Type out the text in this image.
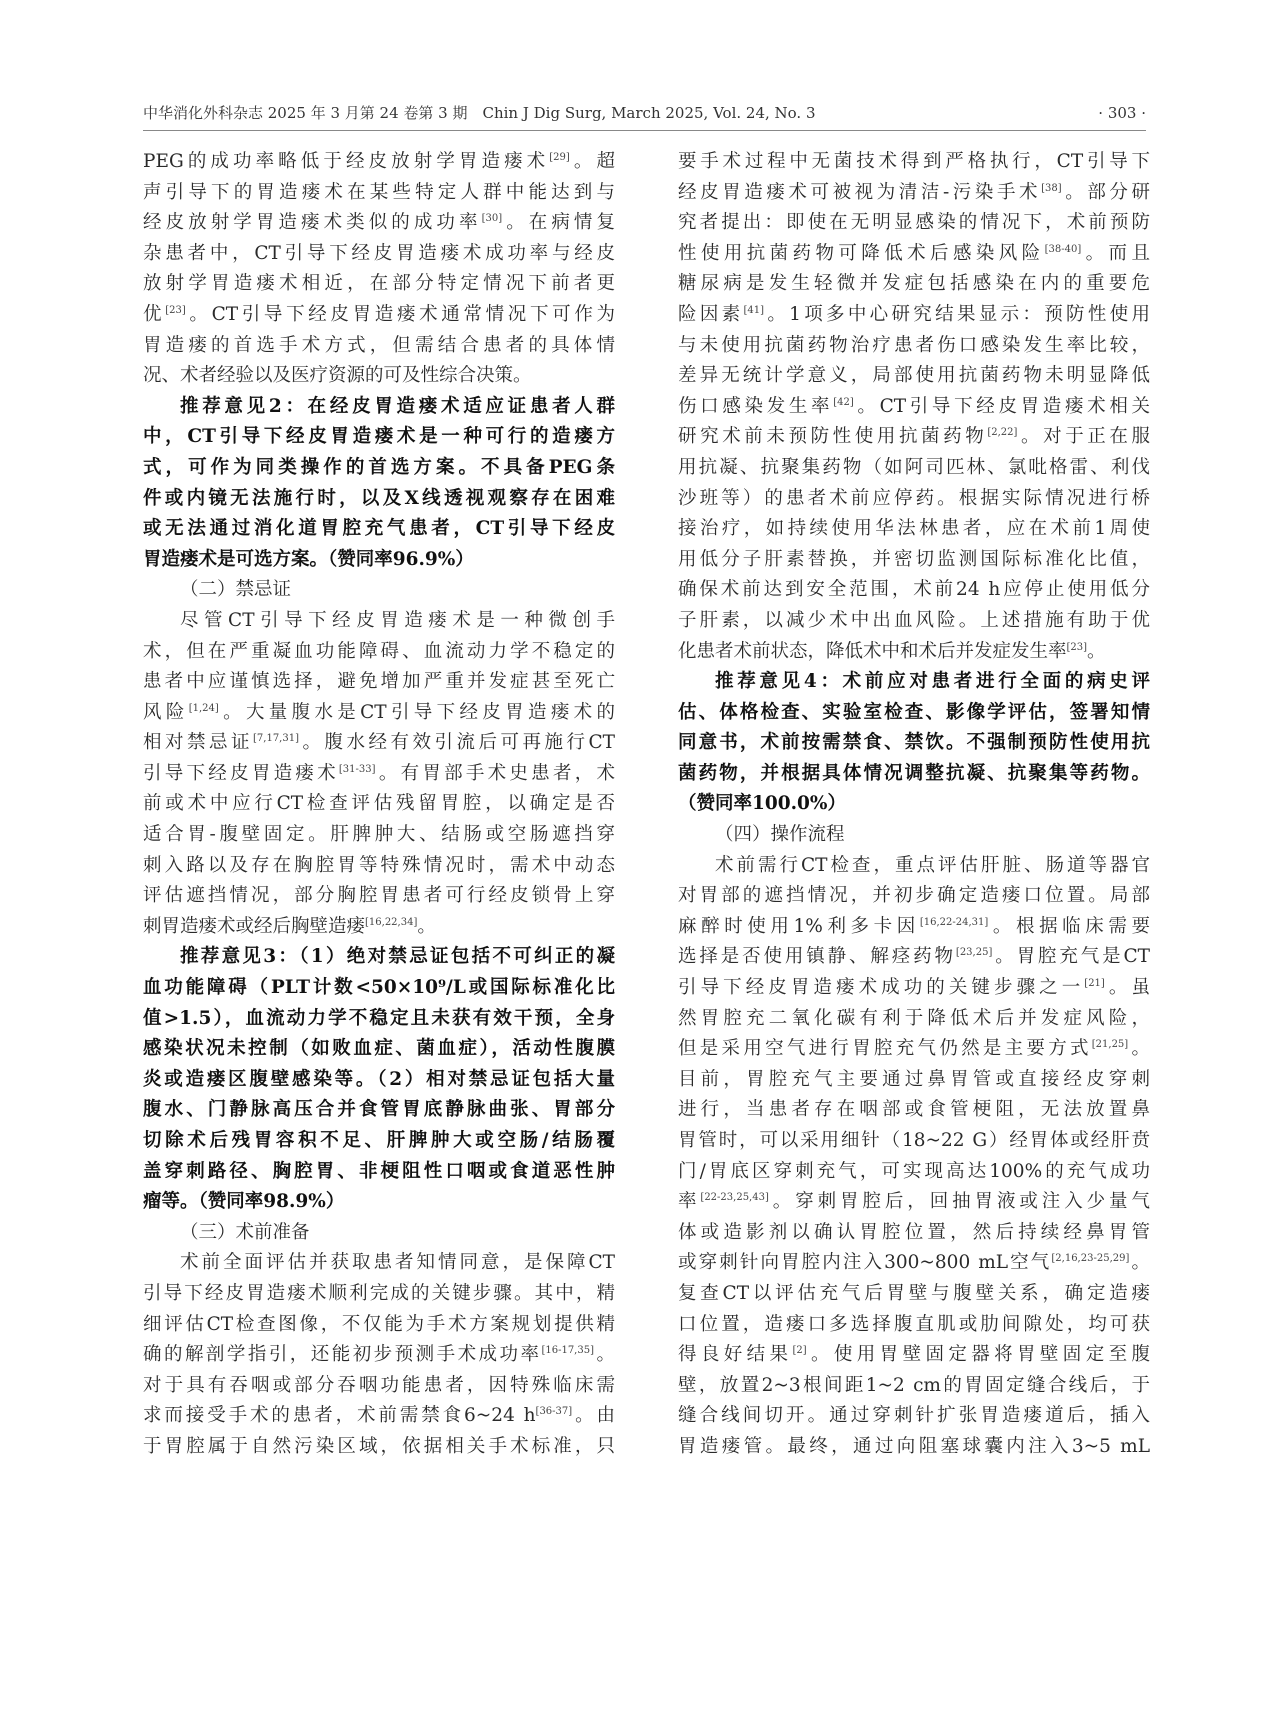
中华消化外科杂志 2025 年 3 月第 24 卷第 3 期　Chin J Dig Surg, March 2025, Vol. 24, No. 3	· 303 ·
PEG的成功率略低于经皮放射学胃造瘘术[29]。超
声引导下的胃造瘘术在某些特定人群中能达到与
经皮放射学胃造瘘术类似的成功率[30]。在病情复
杂患者中，CT引导下经皮胃造瘘术成功率与经皮
放射学胃造瘘术相近，在部分特定情况下前者更
优[23]。CT引导下经皮胃造瘘术通常情况下可作为
胃造瘘的首选手术方式，但需结合患者的具体情
况、术者经验以及医疗资源的可及性综合决策。
推荐意见2：在经皮胃造瘘术适应证患者人群
中，CT引导下经皮胃造瘘术是一种可行的造瘘方
式，可作为同类操作的首选方案。不具备PEG条
件或内镜无法施行时，以及X线透视观察存在困难
或无法通过消化道胃腔充气患者，CT引导下经皮
胃造瘘术是可选方案。（赞同率96.9%）
（二）禁忌证
尽管CT引导下经皮胃造瘘术是一种微创手
术，但在严重凝血功能障碍、血流动力学不稳定的
患者中应谨慎选择，避免增加严重并发症甚至死亡
风险[1,24]。大量腹水是CT引导下经皮胃造瘘术的
相对禁忌证[7,17,31]。腹水经有效引流后可再施行CT
引导下经皮胃造瘘术[31-33]。有胃部手术史患者，术
前或术中应行CT检查评估残留胃腔，以确定是否
适合胃-腹壁固定。肝脾肿大、结肠或空肠遮挡穿
刺入路以及存在胸腔胃等特殊情况时，需术中动态
评估遮挡情况，部分胸腔胃患者可行经皮锁骨上穿
刺胃造瘘术或经后胸壁造瘘[16,22,34]。
推荐意见3：（1）绝对禁忌证包括不可纠正的凝
血功能障碍（PLT计数<50×10⁹/L或国际标准化比
值>1.5），血流动力学不稳定且未获有效干预，全身
感染状况未控制（如败血症、菌血症），活动性腹膜
炎或造瘘区腹壁感染等。（2）相对禁忌证包括大量
腹水、门静脉高压合并食管胃底静脉曲张、胃部分
切除术后残胃容积不足、肝脾肿大或空肠/结肠覆
盖穿刺路径、胸腔胃、非梗阻性口咽或食道恶性肿
瘤等。（赞同率98.9%）
（三）术前准备
术前全面评估并获取患者知情同意，是保障CT
引导下经皮胃造瘘术顺利完成的关键步骤。其中，精
细评估CT检查图像，不仅能为手术方案规划提供精
确的解剖学指引，还能初步预测手术成功率[16-17,35]。
对于具有吞咽或部分吞咽功能患者，因特殊临床需
求而接受手术的患者，术前需禁食6~24 h[36-37]。由
于胃腔属于自然污染区域，依据相关手术标准，只
要手术过程中无菌技术得到严格执行，CT引导下
经皮胃造瘘术可被视为清洁-污染手术[38]。部分研
究者提出：即使在无明显感染的情况下，术前预防
性使用抗菌药物可降低术后感染风险[38-40]。而且
糖尿病是发生轻微并发症包括感染在内的重要危
险因素[41]。1项多中心研究结果显示：预防性使用
与未使用抗菌药物治疗患者伤口感染发生率比较，
差异无统计学意义，局部使用抗菌药物未明显降低
伤口感染发生率[42]。CT引导下经皮胃造瘘术相关
研究术前未预防性使用抗菌药物[2,22]。对于正在服
用抗凝、抗聚集药物（如阿司匹林、氯吡格雷、利伐
沙班等）的患者术前应停药。根据实际情况进行桥
接治疗，如持续使用华法林患者，应在术前1周使
用低分子肝素替换，并密切监测国际标准化比值，
确保术前达到安全范围，术前24 h应停止使用低分
子肝素，以减少术中出血风险。上述措施有助于优
化患者术前状态，降低术中和术后并发症发生率[23]。
推荐意见4：术前应对患者进行全面的病史评
估、体格检查、实验室检查、影像学评估，签署知情
同意书，术前按需禁食、禁饮。不强制预防性使用抗
菌药物，并根据具体情况调整抗凝、抗聚集等药物。
（赞同率100.0%）
（四）操作流程
术前需行CT检查，重点评估肝脏、肠道等器官
对胃部的遮挡情况，并初步确定造瘘口位置。局部
麻醉时使用1%利多卡因[16,22-24,31]。根据临床需要
选择是否使用镇静、解痉药物[23,25]。胃腔充气是CT
引导下经皮胃造瘘术成功的关键步骤之一[21]。虽
然胃腔充二氧化碳有利于降低术后并发症风险，
但是采用空气进行胃腔充气仍然是主要方式[21,25]。
目前，胃腔充气主要通过鼻胃管或直接经皮穿刺
进行，当患者存在咽部或食管梗阻，无法放置鼻
胃管时，可以采用细针（18~22 G）经胃体或经肝贲
门/胃底区穿刺充气，可实现高达100%的充气成功
率[22-23,25,43]。穿刺胃腔后，回抽胃液或注入少量气
体或造影剂以确认胃腔位置，然后持续经鼻胃管
或穿刺针向胃腔内注入300~800 mL空气[2,16,23-25,29]。
复查CT以评估充气后胃壁与腹壁关系，确定造瘘
口位置，造瘘口多选择腹直肌或肋间隙处，均可获
得良好结果[2]。使用胃壁固定器将胃壁固定至腹
壁，放置2~3根间距1~2 cm的胃固定缝合线后，于
缝合线间切开。通过穿刺针扩张胃造瘘道后，插入
胃造瘘管。最终，通过向阻塞球囊内注入3~5 mL
